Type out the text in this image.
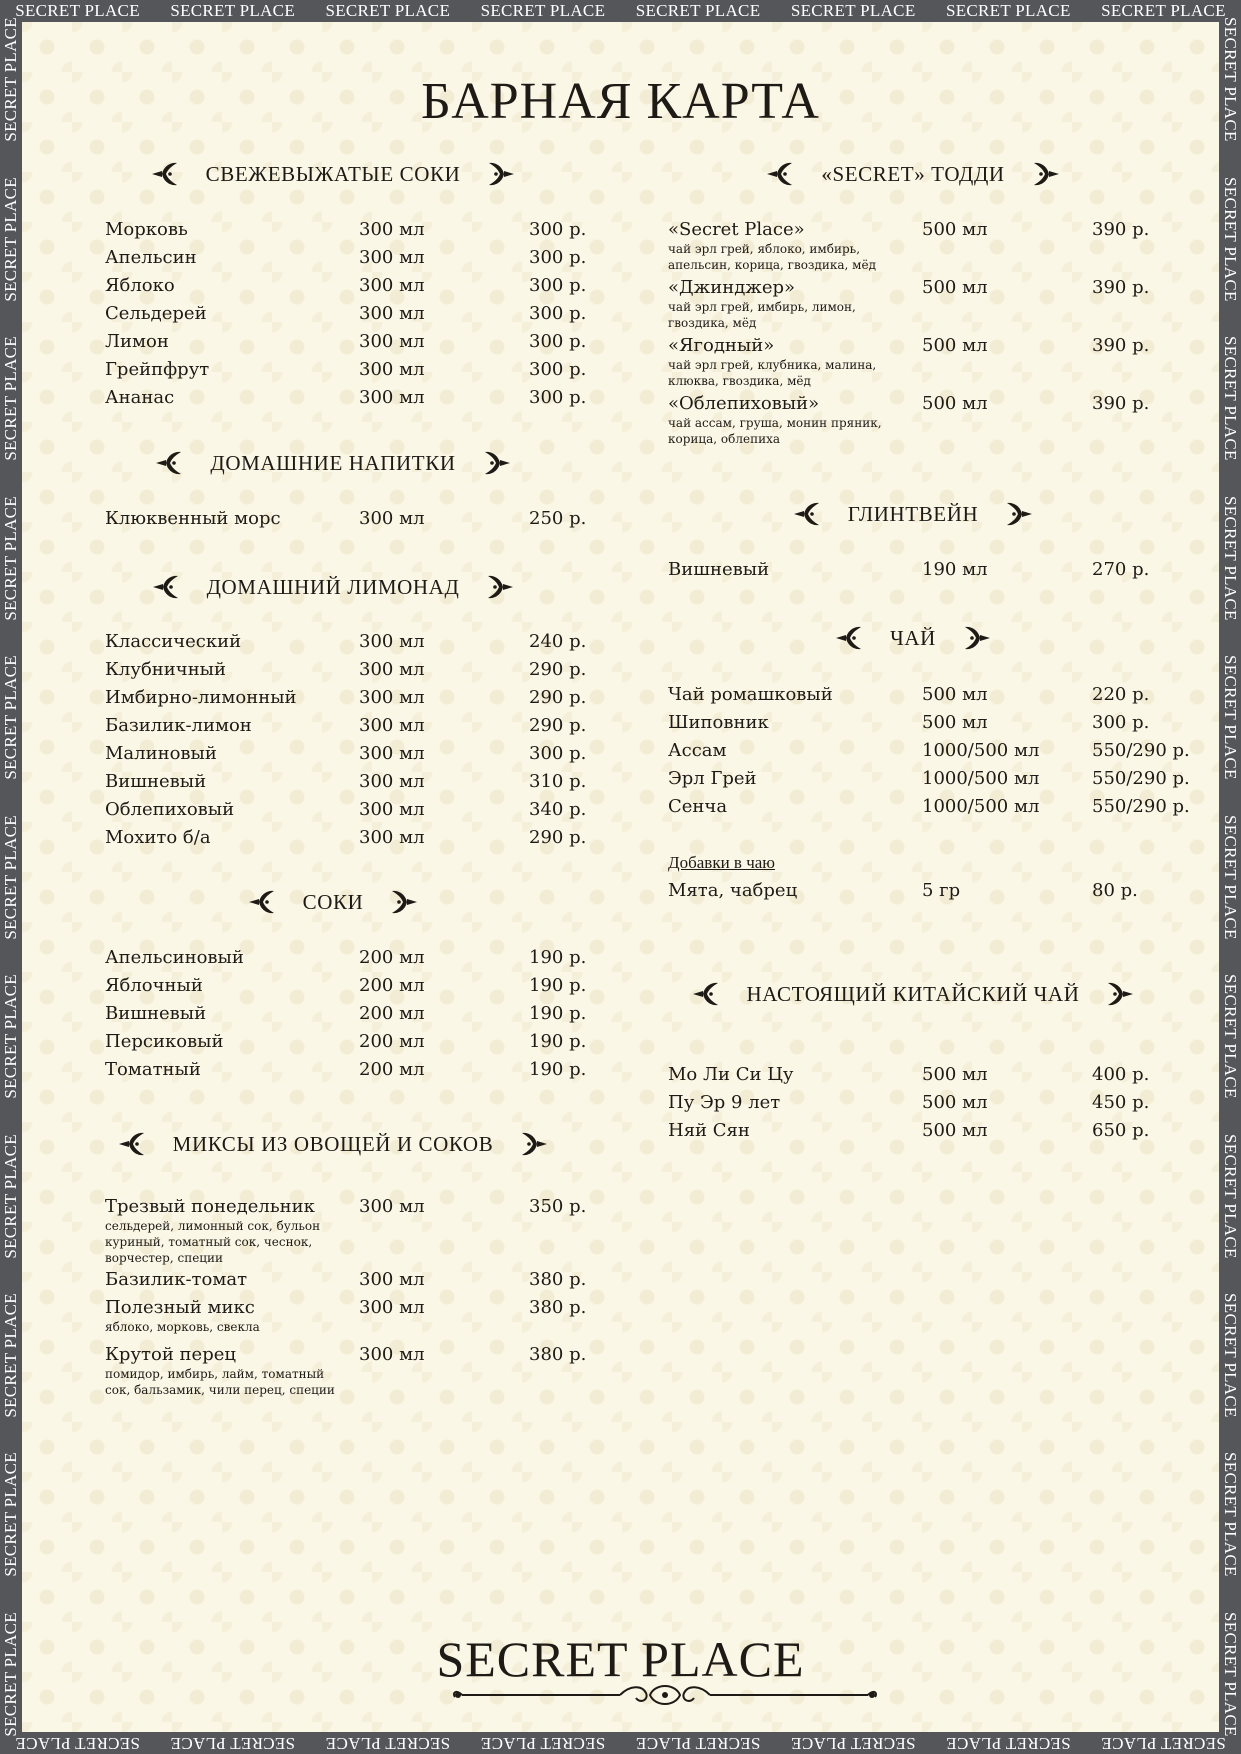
SECRET PLACE SECRET PLACE SECRET PLACE SECRET PLACE SECRET PLACE SECRET PLACE SECRET PLACE SECRET PLACE
SECRET PLACE
SECRET PLACE
SECRET PLACE
SECRET PLACE
SECRET PLACE
SECRET PLACE
SECRET PLACE
SECRET PLACE
SECRET PLACE
SECRET PLACE
SECRET PLACE
SECRET PLACE
SECRET PLACE
SECRET PLACE
SECRET PLACE
SECRET PLACE
SECRET PLACE
SECRET PLACE
SECRET PLACE
SECRET PLACE
SECRET PLACE
SECRET PLACE
SECRET PLACE
SECRET PLACE
SECRET PLACE
SECRET PLACE
SECRET PLACE
SECRET PLACE
SECRET PLACE
SECRET PLACE
БАРНАЯ КАРТА
СВЕЖЕВЫЖАТЫЕ СОКИ
Морковь	300 мл	300 р.
Апельсин	300 мл	300 р.
Яблоко	300 мл	300 р.
Сельдерей	300 мл	300 р.
Лимон	300 мл	300 р.
Грейпфрут	300 мл	300 р.
Ананас	300 мл	300 р.
ДОМАШНИЕ НАПИТКИ
Клюквенный морс	300 мл	250 р.
ДОМАШНИЙ ЛИМОНАД
Классический	300 мл	240 р.
Клубничный	300 мл	290 р.
Имбирно-лимонный	300 мл	290 р.
Базилик-лимон	300 мл	290 р.
Малиновый	300 мл	300 р.
Вишневый	300 мл	310 р.
Облепиховый	300 мл	340 р.
Мохито б/а	300 мл	290 р.
СОКИ
Апельсиновый	200 мл	190 р.
Яблочный	200 мл	190 р.
Вишневый	200 мл	190 р.
Персиковый	200 мл	190 р.
Томатный	200 мл	190 р.
МИКСЫ ИЗ ОВОЩЕЙ И СОКОВ
Трезвый понедельник 300 мл	350 р.
сельдерей, лимонный сок, бульон куриный, томатный сок, чеснок, ворчестер, специи
Базилик-томат	300 мл	380 р.
Полезный микс	300 мл	380 р.
яблоко, морковь, свекла
Крутой перец	300 мл	380 р.
помидор, имбирь, лайм, томатный сок, бальзамик, чили перец, специи
«SECRET» ТОДДИ
«Secret Place»	500 мл	390 р.
чай эрл грей, яблоко, имбирь, апельсин, корица, гвоздика, мёд
«Джинджер»	500 мл	390 р.
чай эрл грей, имбирь, лимон, гвоздика, мёд
«Ягодный»	500 мл	390 р.
чай эрл грей, клубника, малина, клюква, гвоздика, мёд
«Облепиховый»	500 мл	390 р.
чай ассам, груша, монин пряник, корица, облепиха
ГЛИНТВЕЙН
Вишневый	190 мл	270 р.
ЧАЙ
Чай ромашковый	500 мл	220 р.
Шиповник	500 мл	300 р.
Ассам	1000/500 мл	550/290 р.
Эрл Грей	1000/500 мл	550/290 р.
Сенча	1000/500 мл	550/290 р.
Добавки в чаю
Мята, чабрец	5 гр	80 р.
НАСТОЯЩИЙ КИТАЙСКИЙ ЧАЙ
Мо Ли Си Цу	500 мл	400 р.
Пу Эр 9 лет	500 мл	450 р.
Няй Сян	500 мл	650 р.
SECRET PLACE
